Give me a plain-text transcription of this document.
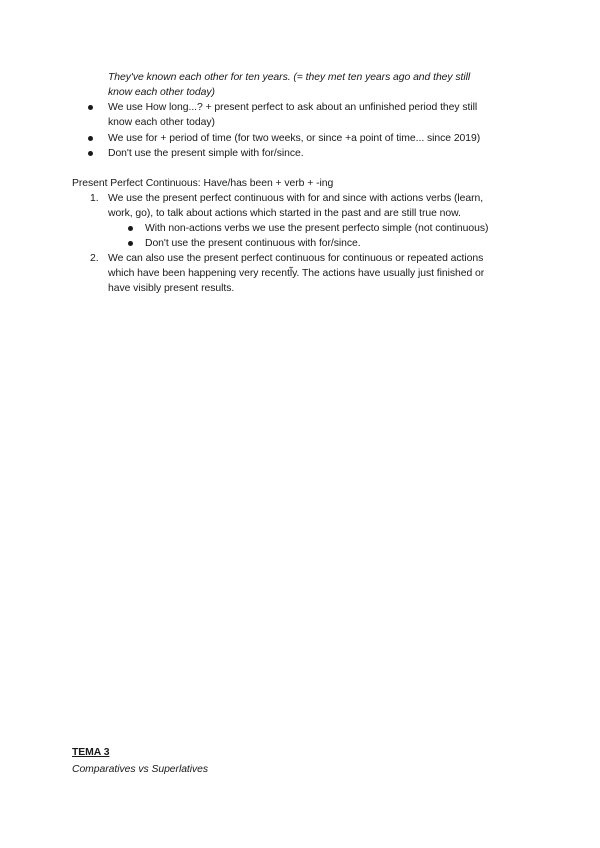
They've known each other for ten years. (= they met ten years ago and they still
know each other today)
We use How long...? + present perfect to ask about an unfinished period they still
know each other today)
We use for + period of time (for two weeks, or since +a point of time... since 2019)
Don't use the present simple with for/since.
Present Perfect Continuous: Have/has been + verb + -ing
1. We use the present perfect continuous with for and since with actions verbs (learn,
work, go), to talk about actions which started in the past and are still true now.
With non-actions verbs we use the present perfecto simple (not continuous)
Don't use the present continuous with for/since.
2. We can also use the present perfect continuous for continuous or repeated actions
which have been happening very recentl̃y. The actions have usually just finished or
have visibly present results.
TEMA 3
Comparatives vs Superlatives
